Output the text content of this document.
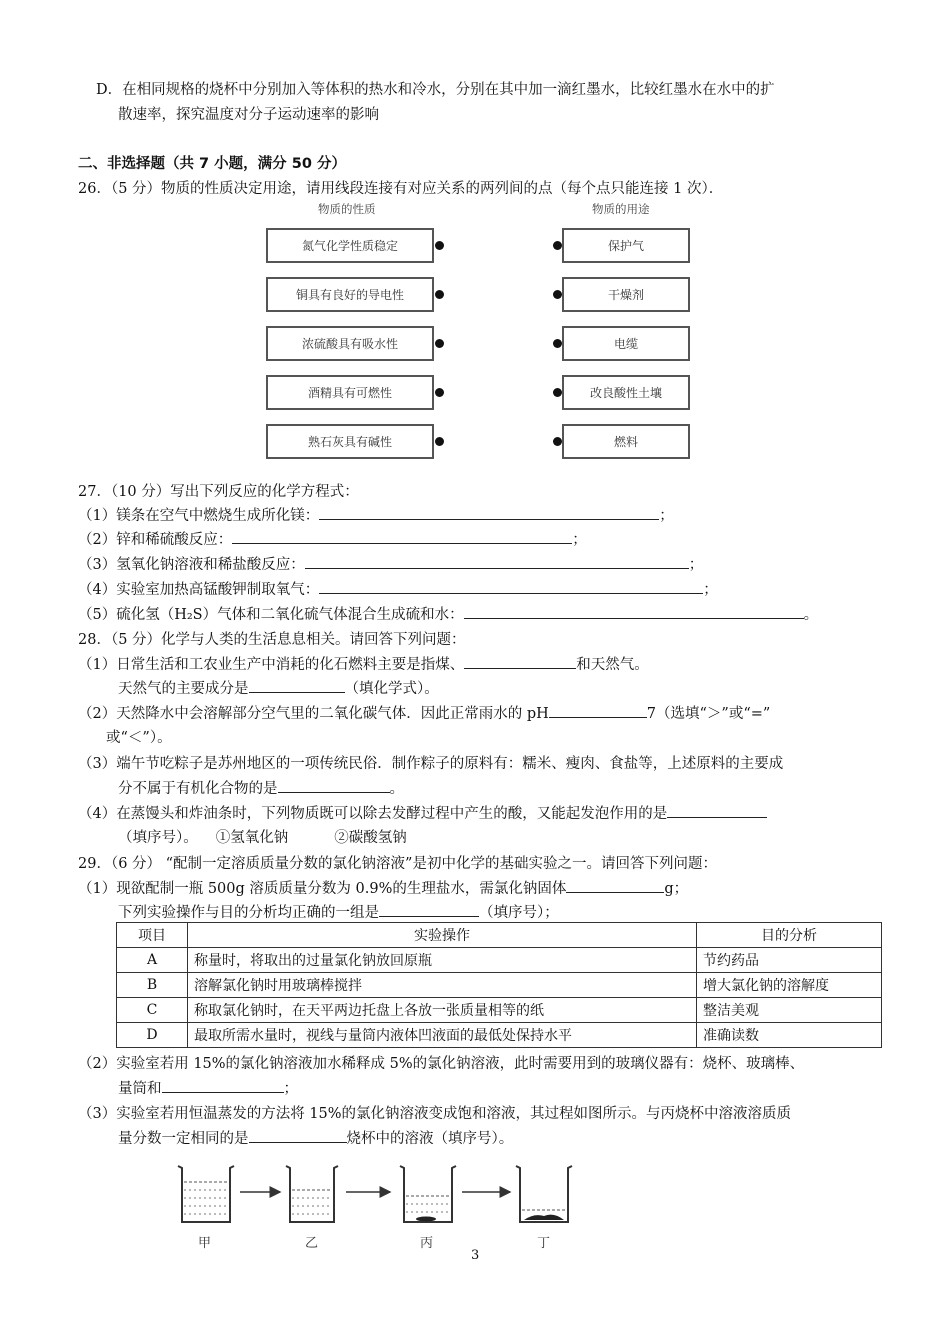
D．在相同规格的烧杯中分别加入等体积的热水和冷水，分别在其中加一滴红墨水，比较红墨水在水中的扩
散速率，探究温度对分子运动速率的影响
二、非选择题（共 7 小题，满分 50 分）
26．（5 分）物质的性质决定用途，请用线段连接有对应关系的两列间的点（每个点只能连接 1 次）．
物质的性质	物质的用途
氮气化学性质稳定
铜具有良好的导电性
浓硫酸具有吸水性
酒精具有可燃性
熟石灰具有碱性
保护气
干燥剂
电缆
改良酸性土壤
燃料
27．（10 分）写出下列反应的化学方程式：
（1）镁条在空气中燃烧生成所化镁：	；
（2）锌和稀硫酸反应：	；
（3）氢氧化钠溶液和稀盐酸反应：	；
（4）实验室加热高锰酸钾制取氧气：	；
（5）硫化氢（H₂S）气体和二氧化硫气体混合生成硫和水：	。
28．（5 分）化学与人类的生活息息相关。请回答下列问题：
（1）日常生活和工农业生产中消耗的化石燃料主要是指煤、	和天然气。
天然气的主要成分是	（填化学式）。
（2）天然降水中会溶解部分空气里的二氧化碳气体．因此正常雨水的 pH	7（选填“＞”或“=”
或“＜”）。
（3）端午节吃粽子是苏州地区的一项传统民俗．制作粽子的原料有：糯米、瘦肉、食盐等，上述原料的主要成
分不属于有机化合物的是	。
（4）在蒸馒头和炸油条时，下列物质既可以除去发酵过程中产生的酸，又能起发泡作用的是
（填序号）。 ①氢氧化钠	②碳酸氢钠
29．（6 分） “配制一定溶质质量分数的氯化钠溶液”是初中化学的基础实验之一。请回答下列问题：
（1）现欲配制一瓶 500g 溶质质量分数为 0.9%的生理盐水，需氯化钠固体	g；
下列实验操作与目的分析均正确的一组是	（填序号）；
项目	实验操作	目的分析
A	称量时，将取出的过量氯化钠放回原瓶	节约药品
B	溶解氯化钠时用玻璃棒搅拌	增大氯化钠的溶解度
C	称取氯化钠时，在天平两边托盘上各放一张质量相等的纸	整洁美观
D	最取所需水量时，视线与量筒内液体凹液面的最低处保持水平	准确读数
（2）实验室若用 15%的氯化钠溶液加水稀释成 5%的氯化钠溶液，此时需要用到的玻璃仪器有：烧杯、玻璃棒、
量筒和	；
（3）实验室若用恒温蒸发的方法将 15%的氯化钠溶液变成饱和溶液，其过程如图所示。与丙烧杯中溶液溶质质
量分数一定相同的是	烧杯中的溶液（填序号）。
甲	乙	丙	丁
3
